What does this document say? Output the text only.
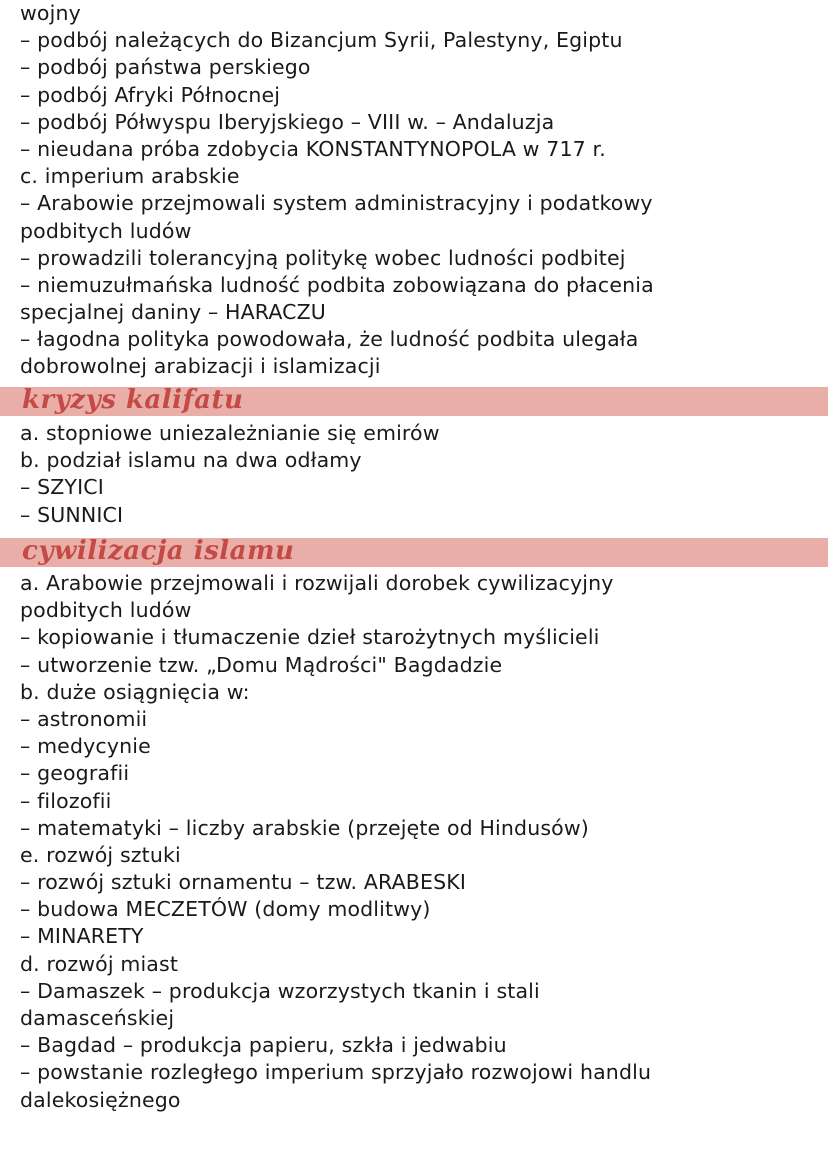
wojny

– podbój należących do Bizancjum Syrii, Palestyny, Egiptu

– podbój państwa perskiego

– podbój Afryki Północnej

– podbój Półwyspu Iberyjskiego – VIII w. – Andaluzja

– nieudana próba zdobycia KONSTANTYNOPOLA w 717 r.

c. imperium arabskie

– Arabowie przejmowali system administracyjny i podatkowy

podbitych ludów

– prowadzili tolerancyjną politykę wobec ludności podbitej

– niemuzułmańska ludność podbita zobowiązana do płacenia

specjalnej daniny – HARACZU

– łagodna polityka powodowała, że ludność podbita ulegała

dobrowolnej arabizacji i islamizacji

kryzys kalifatu

a. stopniowe uniezależnianie się emirów

b. podział islamu na dwa odłamy

– SZYICI

– SUNNICI

cywilizacja islamu

a. Arabowie przejmowali i rozwijali dorobek cywilizacyjny

podbitych ludów

– kopiowanie i tłumaczenie dzieł starożytnych myślicieli

– utworzenie tzw. „Domu Mądrości" Bagdadzie

b. duże osiągnięcia w:

– astronomii

– medycynie

– geografii

– filozofii

– matematyki – liczby arabskie (przejęte od Hindusów)

e. rozwój sztuki

– rozwój sztuki ornamentu – tzw. ARABESKI

– budowa MECZETÓW (domy modlitwy)

– MINARETY

d. rozwój miast

– Damaszek – produkcja wzorzystych tkanin i stali

damasceńskiej

– Bagdad – produkcja papieru, szkła i jedwabiu

– powstanie rozległego imperium sprzyjało rozwojowi handlu

dalekosiężnego
